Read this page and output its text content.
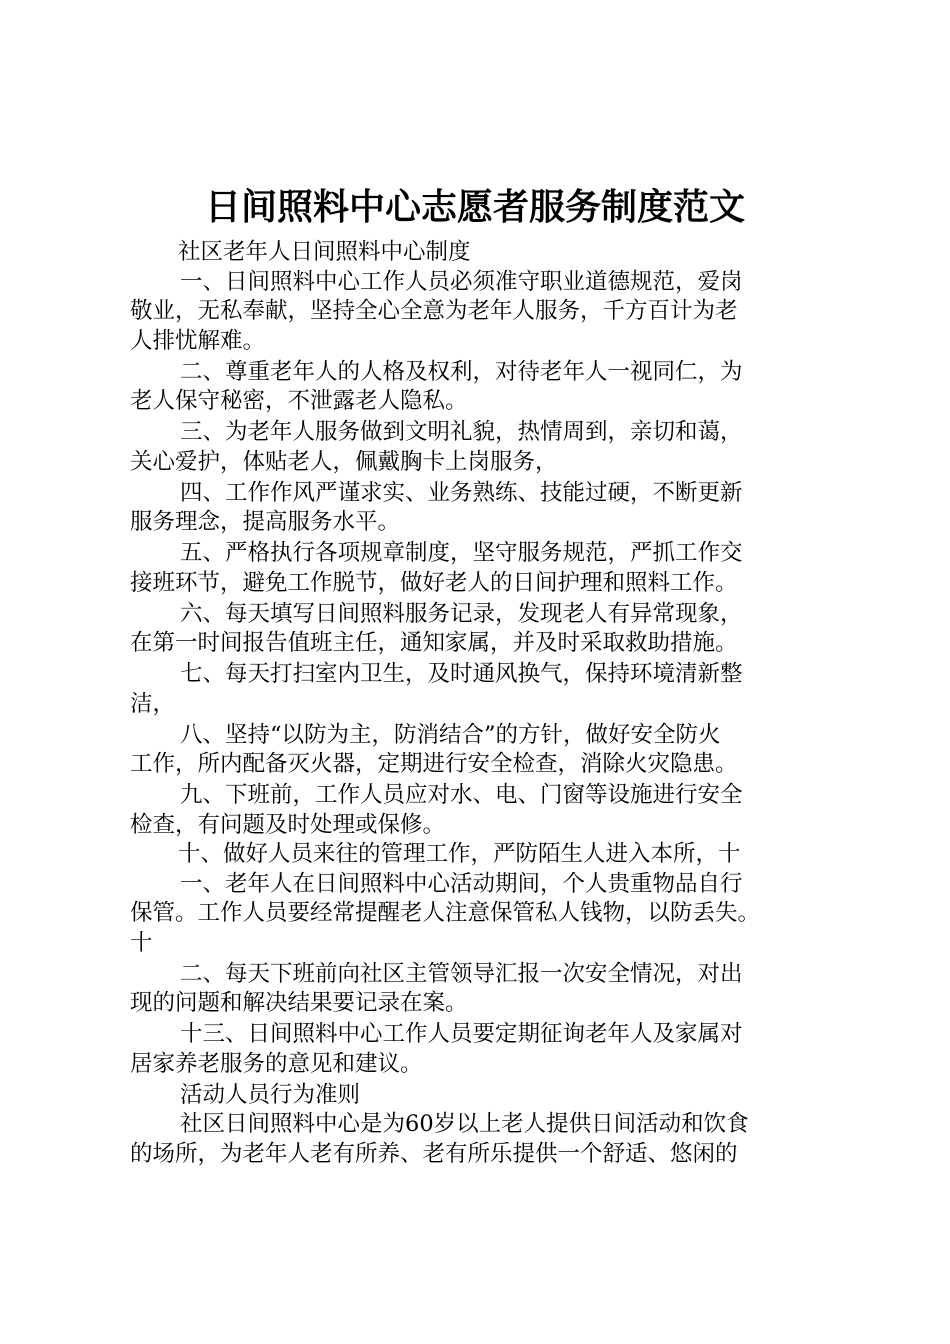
日间照料中心志愿者服务制度范文
社区老年人日间照料中心制度
一、日间照料中心工作人员必须准守职业道德规范，爱岗
敬业，无私奉献，坚持全心全意为老年人服务，千方百计为老
人排忧解难。
二、尊重老年人的人格及权利，对待老年人一视同仁，为
老人保守秘密，不泄露老人隐私。
三、为老年人服务做到文明礼貌，热情周到，亲切和蔼，
关心爱护，体贴老人，佩戴胸卡上岗服务，
四、工作作风严谨求实、业务熟练、技能过硬，不断更新
服务理念，提高服务水平。
五、严格执行各项规章制度，坚守服务规范，严抓工作交
接班环节，避免工作脱节，做好老人的日间护理和照料工作。
六、每天填写日间照料服务记录，发现老人有异常现象，
在第一时间报告值班主任，通知家属，并及时采取救助措施。
七、每天打扫室内卫生，及时通风换气，保持环境清新整
洁，
八、坚持“以防为主，防消结合”的方针，做好安全防火
工作，所内配备灭火器，定期进行安全检查，消除火灾隐患。
九、下班前，工作人员应对水、电、门窗等设施进行安全
检查，有问题及时处理或保修。
十、做好人员来往的管理工作，严防陌生人进入本所，十
一、老年人在日间照料中心活动期间，个人贵重物品自行
保管。工作人员要经常提醒老人注意保管私人钱物，以防丢失。
十
二、每天下班前向社区主管领导汇报一次安全情况，对出
现的问题和解决结果要记录在案。
十三、日间照料中心工作人员要定期征询老年人及家属对
居家养老服务的意见和建议。
活动人员行为准则
社区日间照料中心是为60岁以上老人提供日间活动和饮食
的场所，为老年人老有所养、老有所乐提供一个舒适、悠闲的
